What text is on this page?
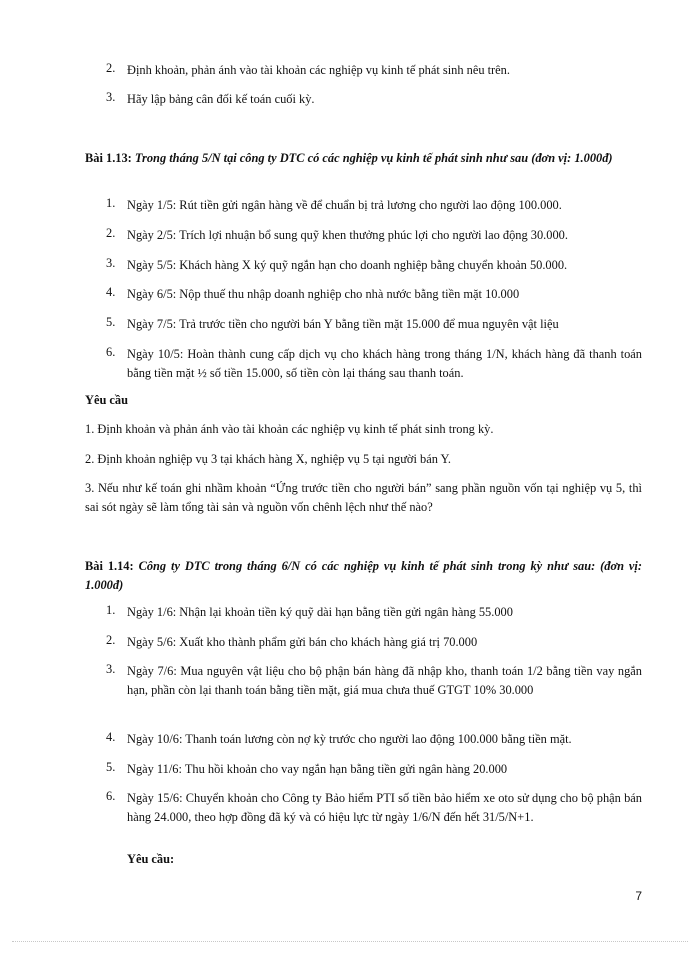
2. Định khoản, phản ánh vào tài khoản các nghiệp vụ kinh tế phát sinh nêu trên.
3. Hãy lập bảng cân đối kế toán cuối kỳ.
Bài 1.13: Trong tháng 5/N tại công ty DTC có các nghiệp vụ kinh tế phát sinh như sau (đơn vị: 1.000đ)
1. Ngày 1/5: Rút tiền gửi ngân hàng về để chuẩn bị trả lương cho người lao động 100.000.
2. Ngày 2/5: Trích lợi nhuận bổ sung quỹ khen thưởng phúc lợi cho người lao động 30.000.
3. Ngày 5/5: Khách hàng X ký quỹ ngắn hạn cho doanh nghiệp bằng chuyển khoản 50.000.
4. Ngày 6/5: Nộp thuế thu nhập doanh nghiệp cho nhà nước bằng tiền mặt 10.000
5. Ngày 7/5: Trả trước tiền cho người bán Y bằng tiền mặt 15.000 để mua nguyên vật liệu
6. Ngày 10/5: Hoàn thành cung cấp dịch vụ cho khách hàng trong tháng 1/N, khách hàng đã thanh toán bằng tiền mặt ½ số tiền 15.000, số tiền còn lại tháng sau thanh toán.
Yêu cầu
1. Định khoản và phản ánh vào tài khoản các nghiệp vụ kinh tế phát sinh trong kỳ.
2. Định khoản nghiệp vụ 3 tại khách hàng X, nghiệp vụ 5 tại người bán Y.
3. Nếu như kế toán ghi nhầm khoản “Ứng trước tiền cho người bán” sang phần nguồn vốn tại nghiệp vụ 5, thì sai sót ngày sẽ làm tổng tài sản và nguồn vốn chênh lệch như thế nào?
Bài 1.14: Công ty DTC trong tháng 6/N có các nghiệp vụ kinh tế phát sinh trong kỳ như sau: (đơn vị: 1.000đ)
1. Ngày 1/6: Nhận lại khoản tiền ký quỹ dài hạn bằng tiền gửi ngân hàng 55.000
2. Ngày 5/6: Xuất kho thành phẩm gửi bán cho khách hàng giá trị 70.000
3. Ngày 7/6: Mua nguyên vật liệu cho bộ phận bán hàng đã nhập kho, thanh toán 1/2 bằng tiền vay ngắn hạn, phần còn lại thanh toán bằng tiền mặt, giá mua chưa thuế GTGT 10% 30.000
4. Ngày 10/6: Thanh toán lương còn nợ kỳ trước cho người lao động 100.000 bằng tiền mặt.
5. Ngày 11/6: Thu hồi khoản cho vay ngắn hạn bằng tiền gửi ngân hàng 20.000
6. Ngày 15/6: Chuyển khoản cho Công ty Bảo hiểm PTI số tiền bảo hiểm xe oto sử dụng cho bộ phận bán hàng 24.000, theo hợp đồng đã ký và có hiệu lực từ ngày 1/6/N đến hết 31/5/N+1.
Yêu cầu:
7
